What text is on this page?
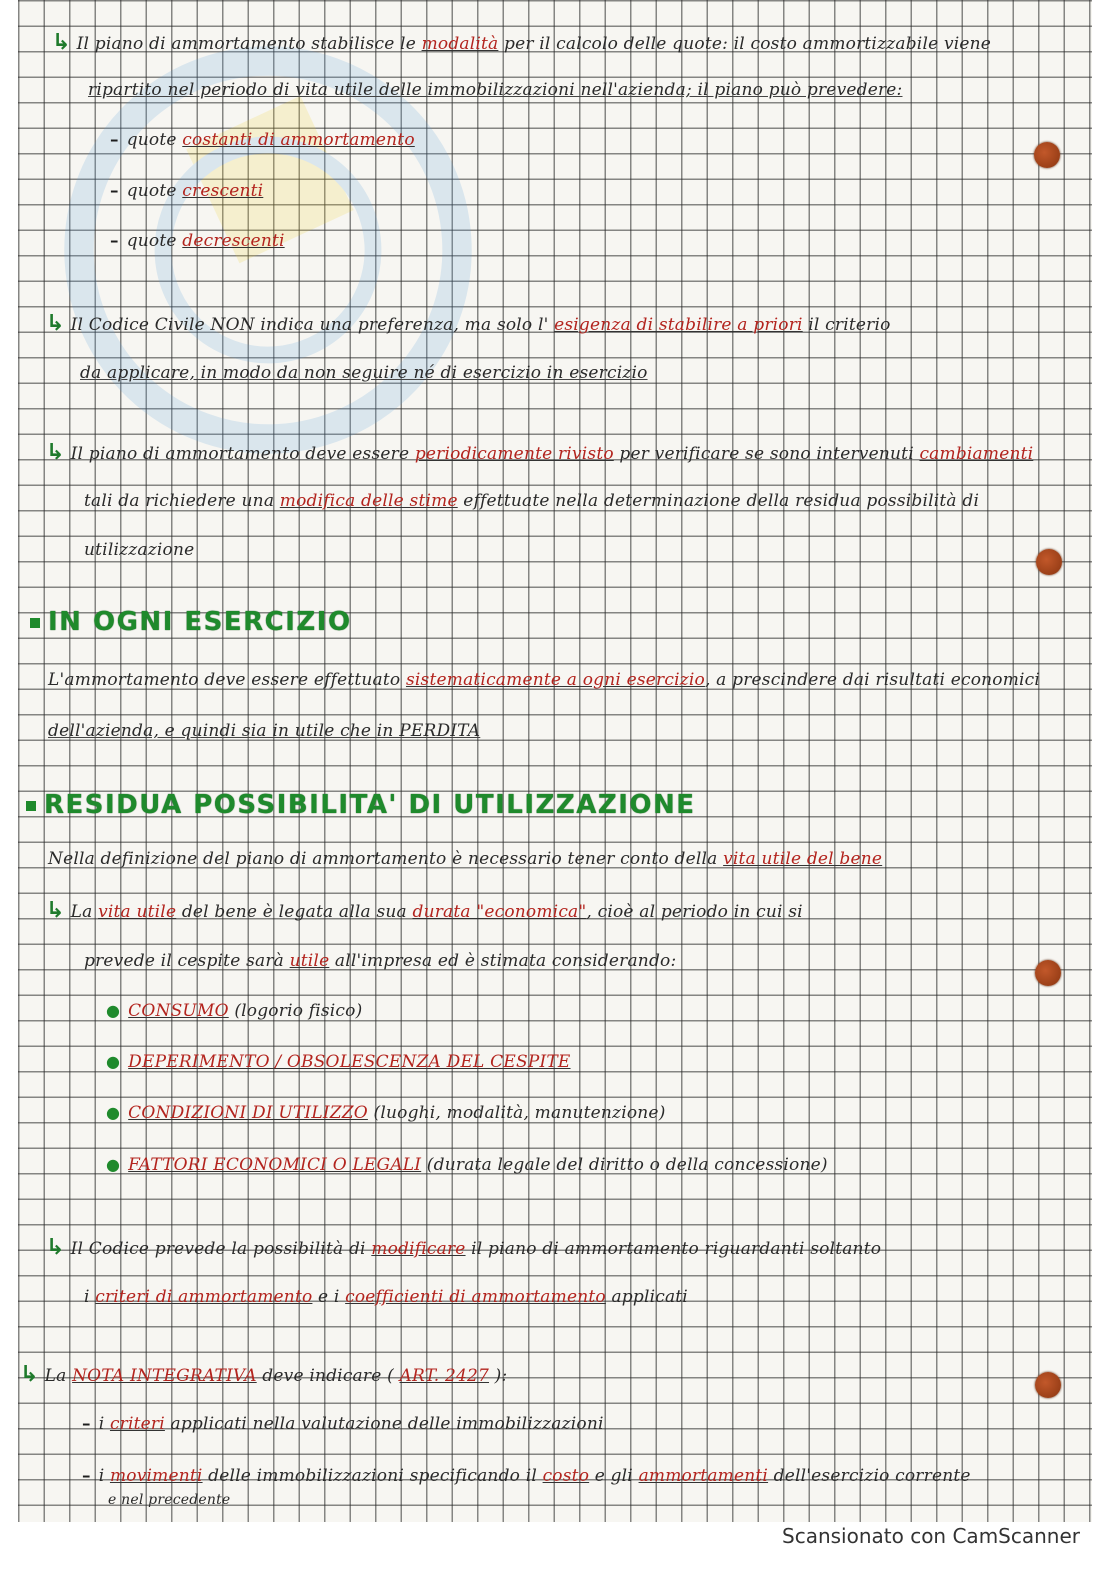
↳ Il piano di ammortamento stabilisce le modalità per il calcolo delle quote: il costo ammortizzabile viene
ripartito nel periodo di vita utile delle immobilizzazioni nell'azienda; il piano può prevedere:
– quote costanti di ammortamento
– quote crescenti
– quote decrescenti
↳ Il Codice Civile NON indica una preferenza, ma solo l' esigenza di stabilire a priori il criterio
da applicare, in modo da non seguire né di esercizio in esercizio
↳ Il piano di ammortamento deve essere periodicamente rivisto per verificare se sono intervenuti cambiamenti
tali da richiedere una modifica delle stime effettuate nella determinazione della residua possibilità di
utilizzazione
IN OGNI ESERCIZIO
L'ammortamento deve essere effettuato sistematicamente a ogni esercizio, a prescindere dai risultati economici
dell'azienda, e quindi sia in utile che in PERDITA
RESIDUA POSSIBILITA' DI UTILIZZAZIONE
Nella definizione del piano di ammortamento è necessario tener conto della vita utile del bene
↳ La vita utile del bene è legata alla sua durata "economica", cioè al periodo in cui si
prevede il cespite sarà utile all'impresa ed è stimata considerando:
● CONSUMO (logorio fisico)
● DEPERIMENTO / OBSOLESCENZA DEL CESPITE
● CONDIZIONI DI UTILIZZO (luoghi, modalità, manutenzione)
● FATTORI ECONOMICI O LEGALI (durata legale del diritto o della concessione)
↳ Il Codice prevede la possibilità di modificare il piano di ammortamento riguardanti soltanto
i criteri di ammortamento e i coefficienti di ammortamento applicati
↳ La NOTA INTEGRATIVA deve indicare ( ART. 2427 ):
– i criteri applicati nella valutazione delle immobilizzazioni
– i movimenti delle immobilizzazioni specificando il costo e gli ammortamenti dell'esercizio corrente
e nel precedente
Scansionato con CamScanner
